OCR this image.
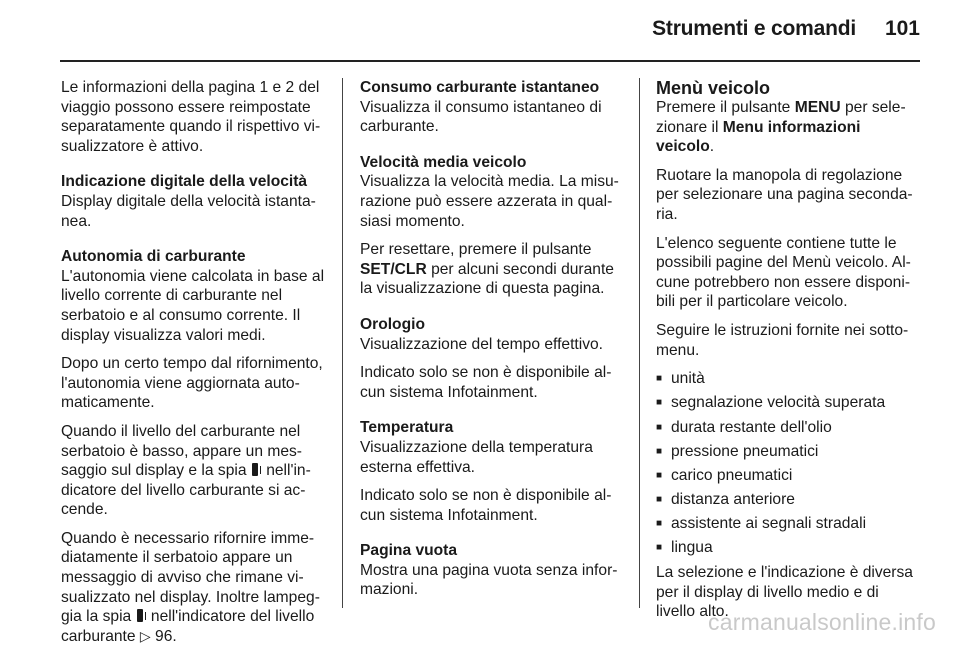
Strumenti e comandi 101

Le informazioni della pagina 1 e 2 del viaggio possono essere reimpostate separatamente quando il rispettivo visualizzatore è attivo.

Indicazione digitale della velocità

Display digitale della velocità istantanea.

Autonomia di carburante

L'autonomia viene calcolata in base al livello corrente di carburante nel serbatoio e al consumo corrente. Il display visualizza valori medi.

Dopo un certo tempo dal rifornimento, l'autonomia viene aggiornata automaticamente.

Quando il livello del carburante nel serbatoio è basso, appare un messaggio sul display e la spia nell'indicatore del livello carburante si accende.

Quando è necessario rifornire immediatamente il serbatoio appare un messaggio di avviso che rimane visualizzato nel display. Inoltre lampeggia la spia nell'indicatore del livello carburante ▷ 96.

Consumo carburante istantaneo

Visualizza il consumo istantaneo di carburante.

Velocità media veicolo

Visualizza la velocità media. La misurazione può essere azzerata in qualsiasi momento.

Per resettare, premere il pulsante SET/CLR per alcuni secondi durante la visualizzazione di questa pagina.

Orologio

Visualizzazione del tempo effettivo.

Indicato solo se non è disponibile alcun sistema Infotainment.

Temperatura

Visualizzazione della temperatura esterna effettiva.

Indicato solo se non è disponibile alcun sistema Infotainment.

Pagina vuota

Mostra una pagina vuota senza informazioni.

Menù veicolo

Premere il pulsante MENU per selezionare il Menu informazioni veicolo.

Ruotare la manopola di regolazione per selezionare una pagina secondaria.

L'elenco seguente contiene tutte le possibili pagine del Menù veicolo. Alcune potrebbero non essere disponibili per il particolare veicolo.

Seguire le istruzioni fornite nei sottomenu.

■ unità
■ segnalazione velocità superata
■ durata restante dell'olio
■ pressione pneumatici
■ carico pneumatici
■ distanza anteriore
■ assistente ai segnali stradali
■ lingua

La selezione e l'indicazione è diversa per il display di livello medio e di livello alto.

carmanualsonline.info
